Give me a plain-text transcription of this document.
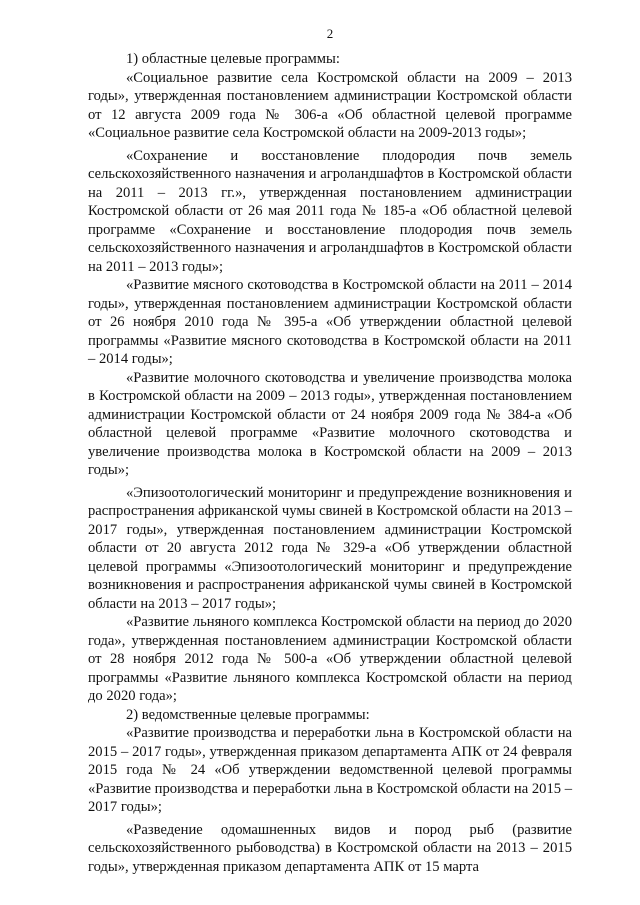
2

1) областные целевые программы:

«Социальное развитие села Костромской области на 2009 – 2013 годы», утвержденная постановлением администрации Костромской области от 12 августа 2009 года № 306-а «Об областной целевой программе «Социальное развитие села Костромской области на 2009-2013 годы»;

«Сохранение и восстановление плодородия почв земель сельскохозяйственного назначения и агроландшафтов в Костромской области на 2011 – 2013 гг.», утвержденная постановлением администрации Костромской области от 26 мая 2011 года № 185-а «Об областной целевой программе «Сохранение и восстановление плодородия почв земель сельскохозяйственного назначения и агроландшафтов в Костромской области на 2011 – 2013 годы»;

«Развитие мясного скотоводства в Костромской области на 2011 – 2014 годы», утвержденная постановлением администрации Костромской области от 26 ноября 2010 года № 395-а «Об утверждении областной целевой программы «Развитие мясного скотоводства в Костромской области на 2011 – 2014 годы»;

«Развитие молочного скотоводства и увеличение производства молока в Костромской области на 2009 – 2013 годы», утвержденная постановлением администрации Костромской области от 24 ноября 2009 года № 384-а «Об областной целевой программе «Развитие молочного скотоводства и увеличение производства молока в Костромской области на 2009 – 2013 годы»;

«Эпизоотологический мониторинг и предупреждение возникновения и распространения африканской чумы свиней в Костромской области на 2013 – 2017 годы», утвержденная постановлением администрации Костромской области от 20 августа 2012 года № 329-а «Об утверждении областной целевой программы «Эпизоотологический мониторинг и предупреждение возникновения и распространения африканской чумы свиней в Костромской области на 2013 – 2017 годы»;

«Развитие льняного комплекса Костромской области на период до 2020 года», утвержденная постановлением администрации Костромской области от 28 ноября 2012 года № 500-а «Об утверждении областной целевой программы «Развитие льняного комплекса Костромской области на период до 2020 года»;

2) ведомственные целевые программы:

«Развитие производства и переработки льна в Костромской области на 2015 – 2017 годы», утвержденная приказом департамента АПК от 24 февраля 2015 года № 24 «Об утверждении ведомственной целевой программы «Развитие производства и переработки льна в Костромской области на 2015 – 2017 годы»;

«Разведение одомашненных видов и пород рыб (развитие сельскохозяйственного рыбоводства) в Костромской области на 2013 – 2015 годы», утвержденная приказом департамента АПК от 15 марта
